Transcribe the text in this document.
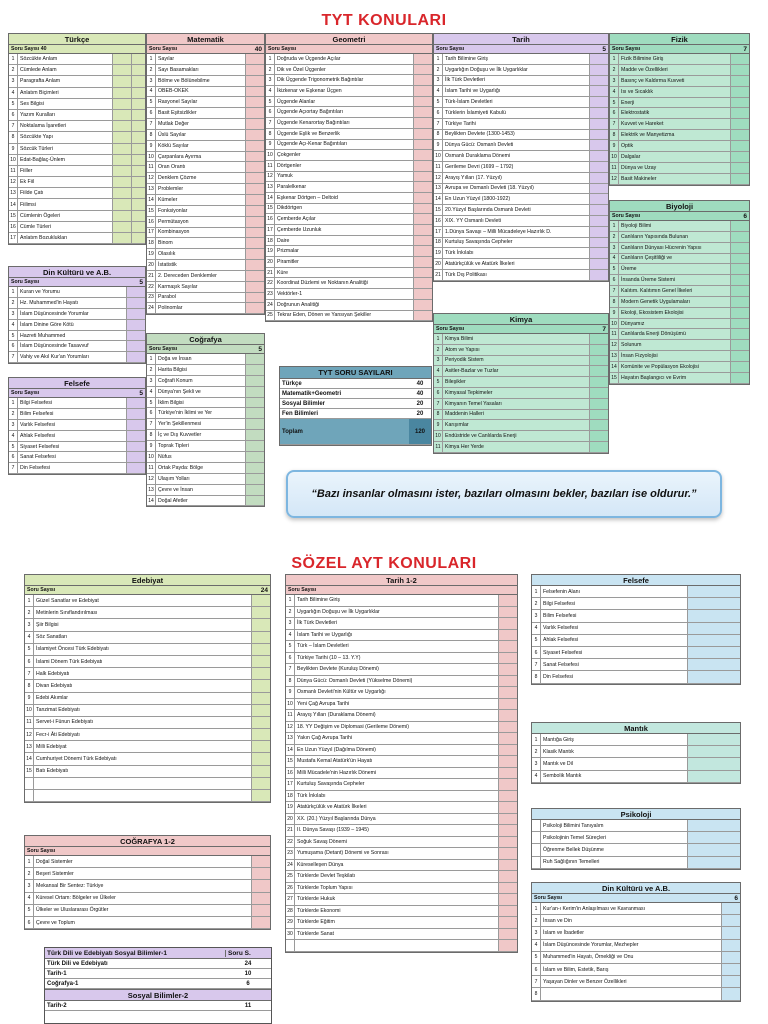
TYT KONULARI
SÖZEL AYT KONULARI
Türkçe
Soru Sayısı 40
1	Sözcükte Anlam
2	Cümlede Anlam
3	Paragrafta Anlam
4	Anlatım Biçimleri
5	Ses Bilgisi
6	Yazım Kuralları
7	Noktalama İşaretleri
8	Sözcükte Yapı
9	Sözcük Türleri
10 Edat-Bağlaç-Ünlem
11 Fiiller
12 Ek Fiil
13 Fiilde Çatı
14 Fiilimsi
15 Cümlenin Ögeleri
16 Cümle Türleri
17 Anlatım Bozuklukları
Matematik
Soru Sayısı	40
1	Sayılar
2	Sayı Basamakları
3	Bölme ve Bölünebilme
4	OBEB-OKEK
5	Rasyonel Sayılar
6	Basit Eşitsizlikler
7	Mutlak Değer
8	Üslü Sayılar
9	Köklü Sayılar
10 Çarpanlara Ayırma
11 Oran Orantı
12 Denklem Çözme
13 Problemler
14 Kümeler
15 Fonksiyonlar
16 Permütasyon
17 Kombinasyon
18 Binom
19 Olasılık
20 İstatistik
21 2. Dereceden Denklemler
22 Karmaşık Sayılar
23 Parabol
24 Polinomlar
Geometri
Soru Sayısı
1	Doğruda ve Üçgende Açılar
2	Dik ve Özel Üçgenler
3	Dik Üçgende Trigonometrik Bağıntılar
4	İkizkenar ve Eşkenar Üçgen
5	Üçgende Alanlar
6	Üçgende Açıortay Bağıntıları
7	Üçgende Kenarortay Bağıntıları
8	Üçgende Eşlik ve Benzerlik
9	Üçgende Açı-Kenar Bağıntıları
10 Çokgenler
11 Dörtgenler
12 Yamuk
13 Paralelkenar
14 Eşkenar Dörtgen – Deltoid
15 Dikdörtgen
16 Çemberde Açılar
17 Çemberde Uzunluk
18 Daire
19 Prizmalar
20 Piramitler
21 Küre
22 Koordinat Düzlemi ve Noktanın Analitiği
23 Vektörler-1
24 Doğrunun Analitiği
25 Tekrar Eden, Dönen ve Yansıyan Şekiller
Tarih
Soru Sayısı	5
1	Tarih Bilimine Giriş
2	Uygarlığın Doğuşu ve İlk Uygarlıklar
3	İlk Türk Devletleri
4	İslam Tarihi ve Uygarlığı
5	Türk-İslam Devletleri
6	Türklerin İslamiyeti Kabulü
7	Türkiye Tarihi
8	Beylikten Devlete (1300-1453)
9	Dünya Gücü: Osmanlı Devleti
10 Osmanlı Duraklama Dönemi
11 Gerileme Devri (1699 – 1792)
12 Arayış Yılları (17. Yüzyıl)
13 Avrupa ve Osmanlı Devleti (18. Yüzyıl)
14 En Uzun Yüzyıl (1800-1922)
15 20.Yüzyıl Başlarında Osmanlı Devleti
16 XIX. YY Osmanlı Devleti
17 1.Dünya Savaşı – Milli Mücadeleye Hazırlık D.
18 Kurtuluş Savaşında Cepheler
19 Türk İnkılabı
20 Atatürkçülük ve Atatürk İlkeleri
21 Türk Dış Politikası
Fizik
Soru Sayısı	7
1	Fizik Bilimine Giriş
2	Madde ve Özellikleri
3	Basınç ve Kaldırma Kuvveti
4	Isı ve Sıcaklık
5	Enerji
6	Elektrostatik
7	Kuvvet ve Hareket
8	Elektrik ve Manyetizma
9	Optik
10 Dalgalar
11 Dünya ve Uzay
12 Basit Makineler
Biyoloji
Soru Sayısı	6
1	Biyoloji Bilimi
2	Canlıların Yapısında Bulunan
3	Canlıların Dünyası Hücrenin Yapısı
4	Canlıların Çeşitliliği ve
5	Üreme
6	İnsanda Üreme Sistemi
7	Kalıtım. Kalıtımın Genel İlkeleri
8	Modern Genetik Uygulamaları
9	Ekoloji, Ekosistem Ekolojisi
10 Dünyamız
11 Canlılarda Enerji Dönüşümü
12 Solunum
13 İnsan Fizyolojisi
14 Komünite ve Popülasyon Ekolojisi
15 Hayatın Başlangıcı ve Evrim
Din Kültürü ve A.B.
Soru Sayısı	5
1	Kuran ve Yorumu
2	Hz. Muhammed'in Hayatı
3	İslam Düşüncesinde Yorumlar
4	İslam Dinine Göre Kötü
5	Hazreti Muhammed
6	İslam Düşüncesinde Tasavvuf
7	Vahiy ve Akıl Kur'an Yorumları
Coğrafya
Soru Sayısı	5
1	Doğa ve İnsan
2	Harita Bilgisi
3	Coğrafi Konum
4	Dünya'nın Şekli ve
5	İklim Bilgisi
6	Türkiye'nin İklimi ve Yer
7	Yer'in Şekillenmesi
8	İç ve Dış Kuvvetler
9	Toprak Tipleri
10 Nüfus
11 Ortak Payda: Bölge
12 Ulaşım Yolları
13 Çevre ve İnsan
14 Doğal Afetler
Felsefe
Soru Sayısı	5
1	Bilgi Felsefesi
2	Bilim Felsefesi
3	Varlık Felsefesi
4	Ahlak Felsefesi
5	Siyaset Felsefesi
6	Sanat Felsefesi
7	Din Felsefesi
Kimya
Soru Sayısı	7
1	Kimya Bilimi
2	Atom ve Yapısı
3	Periyodik Sistem
4	Asitler-Bazlar ve Tuzlar
5	Bileşikler
6	Kimyasal Tepkimeler
7	Kimyanın Temel Yasaları
8	Maddenin Halleri
9	Karışımlar
10 Endüstride ve Canlılarda Enerji
11 Kimya Her Yerde
Edebiyat
Soru Sayısı	24
1	Güzel Sanatlar ve Edebiyat
2	Metinlerin Sınıflandırılması
3	Şiir Bilgisi
4	Söz Sanatları
5	İslamiyet Öncesi Türk Edebiyatı
6	İslami Dönem Türk Edebiyatı
7	Halk Edebiyatı
8	Divan Edebiyatı
9	Edebi Akımlar
10 Tanzimat Edebiyatı
11 Servet-i Fünun Edebiyatı
12 Fecr-i Âti Edebiyatı
13 Milli Edebiyat
14 Cumhuriyet Dönemi Türk Edebiyatı
15 Batı Edebiyatı
Tarih 1-2
Soru Sayısı
1	Tarih Bilimine Giriş
2	Uygarlığın Doğuşu ve İlk Uygarlıklar
3	İlk Türk Devletleri
4	İslam Tarihi ve Uygarlığı
5	Türk – İslam Devletleri
6	Türkiye Tarihi (10 – 13. Y.Y)
7	Beylikten Devlete (Kuruluş Dönemi)
8	Dünya Gücü: Osmanlı Devleti (Yükselme Dönemi)
9	Osmanlı Devleti'nin Kültür ve Uygarlığı
10 Yeni Çağ Avrupa Tarihi
11 Arayış Yılları (Duraklama Dönemi)
12 18. YY Değişim ve Diplomasi (Gerileme Dönemi)
13 Yakın Çağ Avrupa Tarihi
14 En Uzun Yüzyıl (Dağılma Dönemi)
15 Mustafa Kemal Atatürk'ün Hayatı
16 Milli Mücadele'nin Hazırlık Dönemi
17 Kurtuluş Savaşında Cepheler
18 Türk İnkılabı
19 Atatürkçülük ve Atatürk İlkeleri
20 XX. (20.) Yüzyıl Başlarında Dünya
21 II. Dünya Savaşı (1939 – 1945)
22 Soğuk Savaş Dönemi
23 Yumuşama (Detant) Dönemi ve Sonrası
24 Küreselleşen Dünya
25 Türklerde Devlet Teşkilatı
26 Türklerde Toplum Yapısı
27 Türklerde Hukuk
28 Türklerde Ekonomi
29 Türklerde Eğitim
30 Türklerde Sanat
Felsefe
1	Felsefenin Alanı
2	Bilgi Felsefesi
3	Bilim Felsefesi
4	Varlık Felsefesi
5	Ahlak Felsefesi
6	Siyaset Felsefesi
7	Sanat Felsefesi
8	Din Felsefesi
Mantık
1	Mantığa Giriş
2	Klasik Mantık
3	Mantık ve Dil
4	Sembolik Mantık
Psikoloji
Psikoloji Bilimini Tanıyalım
Psikolojinin Temel Süreçleri
Öğrenme Bellek Düşünme
Ruh Sağlığının Temelleri
COĞRAFYA 1-2
Soru Sayısı
1	Doğal Sistemler
2	Beşeri Sistemler
3	Mekansal Bir Sentez: Türkiye
4	Küresel Ortam: Bölgeler ve Ülkeler
5	Ülkeler ve Uluslararası Örgütler
6	Çevre ve Toplum
Din Kültürü ve A.B.
Soru Sayısı	6
1	Kur'an-ı Kerim'in Anlaşılması ve Kavranması
2	İnsan ve Din
3	İslam ve İbadetler
4	İslam Düşüncesinde Yorumlar, Mezhepler
5	Muhammed'in Hayatı, Örnekliği ve Onu
6	İslam ve Bilim, Estetik, Barış
7	Yaşayan Dinler ve Benzer Özellikleri
8
TYT SORU SAYILARI
Türkçe	40
Matematik+Geometri	40
Sosyal Bilimler	20
Fen Bilimleri	20
Toplam	120
“Bazı insanlar olmasını ister, bazıları olmasını bekler, bazıları ise oldurur.”
Türk Dili ve Edebiyatı Sosyal Bilimler-1	Soru S.
Türk Dili ve Edebiyatı	24
Tarih-1	10
Coğrafya-1	6
Sosyal Bilimler-2
Tarih-2	11
